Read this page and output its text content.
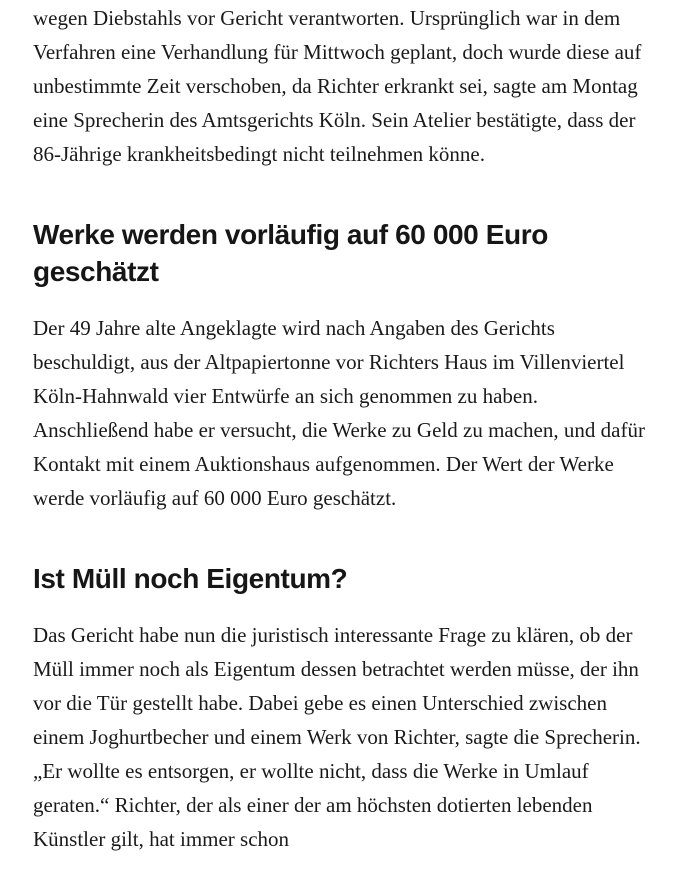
wegen Diebstahls vor Gericht verantworten. Ursprünglich war in dem Verfahren eine Verhandlung für Mittwoch geplant, doch wurde diese auf unbestimmte Zeit verschoben, da Richter erkrankt sei, sagte am Montag eine Sprecherin des Amtsgerichts Köln. Sein Atelier bestätigte, dass der 86-Jährige krankheitsbedingt nicht teilnehmen könne.

Werke werden vorläufig auf 60 000 Euro geschätzt

Der 49 Jahre alte Angeklagte wird nach Angaben des Gerichts beschuldigt, aus der Altpapiertonne vor Richters Haus im Villenviertel Köln-Hahnwald vier Entwürfe an sich genommen zu haben. Anschließend habe er versucht, die Werke zu Geld zu machen, und dafür Kontakt mit einem Auktionshaus aufgenommen. Der Wert der Werke werde vorläufig auf 60 000 Euro geschätzt.

Ist Müll noch Eigentum?

Das Gericht habe nun die juristisch interessante Frage zu klären, ob der Müll immer noch als Eigentum dessen betrachtet werden müsse, der ihn vor die Tür gestellt habe. Dabei gebe es einen Unterschied zwischen einem Joghurtbecher und einem Werk von Richter, sagte die Sprecherin. „Er wollte es entsorgen, er wollte nicht, dass die Werke in Umlauf geraten.“ Richter, der als einer der am höchsten dotierten lebenden Künstler gilt, hat immer schon
